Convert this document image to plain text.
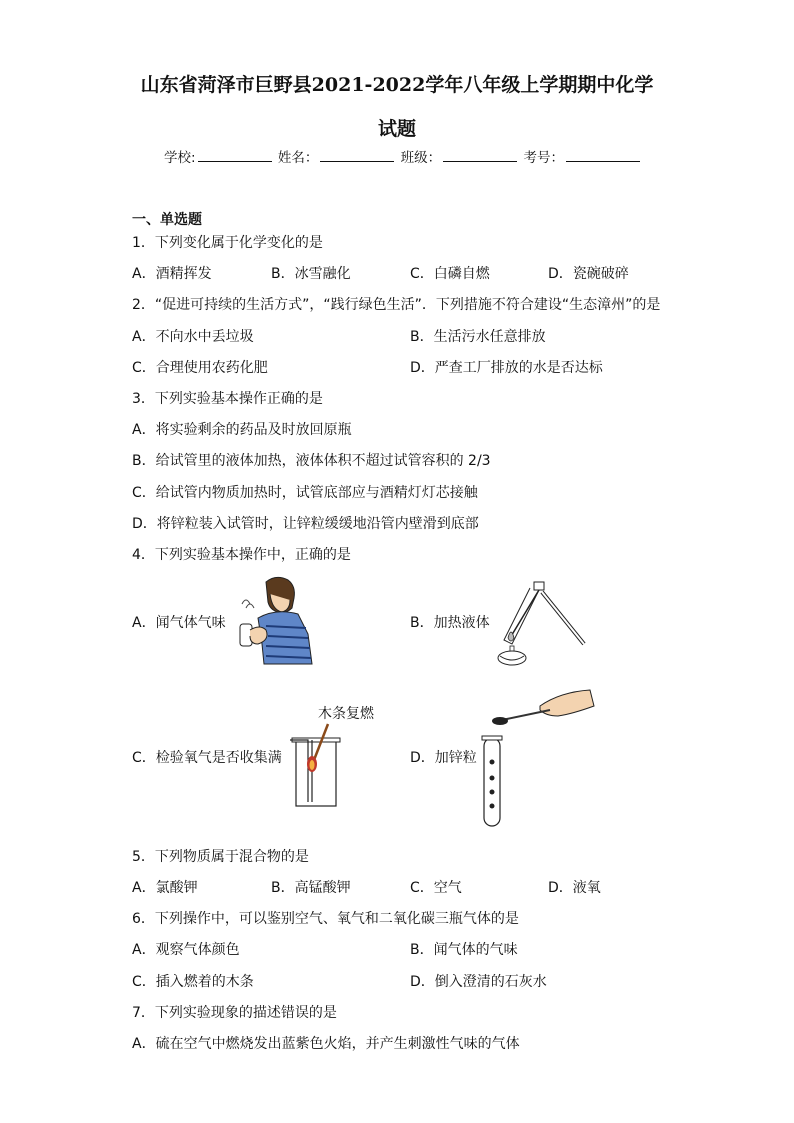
山东省菏泽市巨野县2021-2022学年八年级上学期期中化学
试题
学校:	姓名：	班级：	考号：
一、单选题
1．下列变化属于化学变化的是
A．酒精挥发	B．冰雪融化	C．白磷自燃	D．瓷碗破碎
2．“促进可持续的生活方式”，“践行绿色生活”．下列措施不符合建设“生态漳州”的是
A．不向水中丢垃圾	B．生活污水任意排放
C．合理使用农药化肥	D．严查工厂排放的水是否达标
3．下列实验基本操作正确的是
A．将实验剩余的药品及时放回原瓶
B．给试管里的液体加热，液体体积不超过试管容积的 2/3
C．给试管内物质加热时，试管底部应与酒精灯灯芯接触
D．将锌粒装入试管时，让锌粒缓缓地沿管内壁滑到底部
4．下列实验基本操作中，正确的是
A．闻气体气味	B．加热液体
C．检验氧气是否收集满	D．加锌粒
木条复燃
5．下列物质属于混合物的是
A．氯酸钾	B．高锰酸钾	C．空气	D．液氧
6．下列操作中，可以鉴别空气、氧气和二氧化碳三瓶气体的是
A．观察气体颜色	B．闻气体的气味
C．插入燃着的木条	D．倒入澄清的石灰水
7．下列实验现象的描述错误的是
A．硫在空气中燃烧发出蓝紫色火焰，并产生刺激性气味的气体
